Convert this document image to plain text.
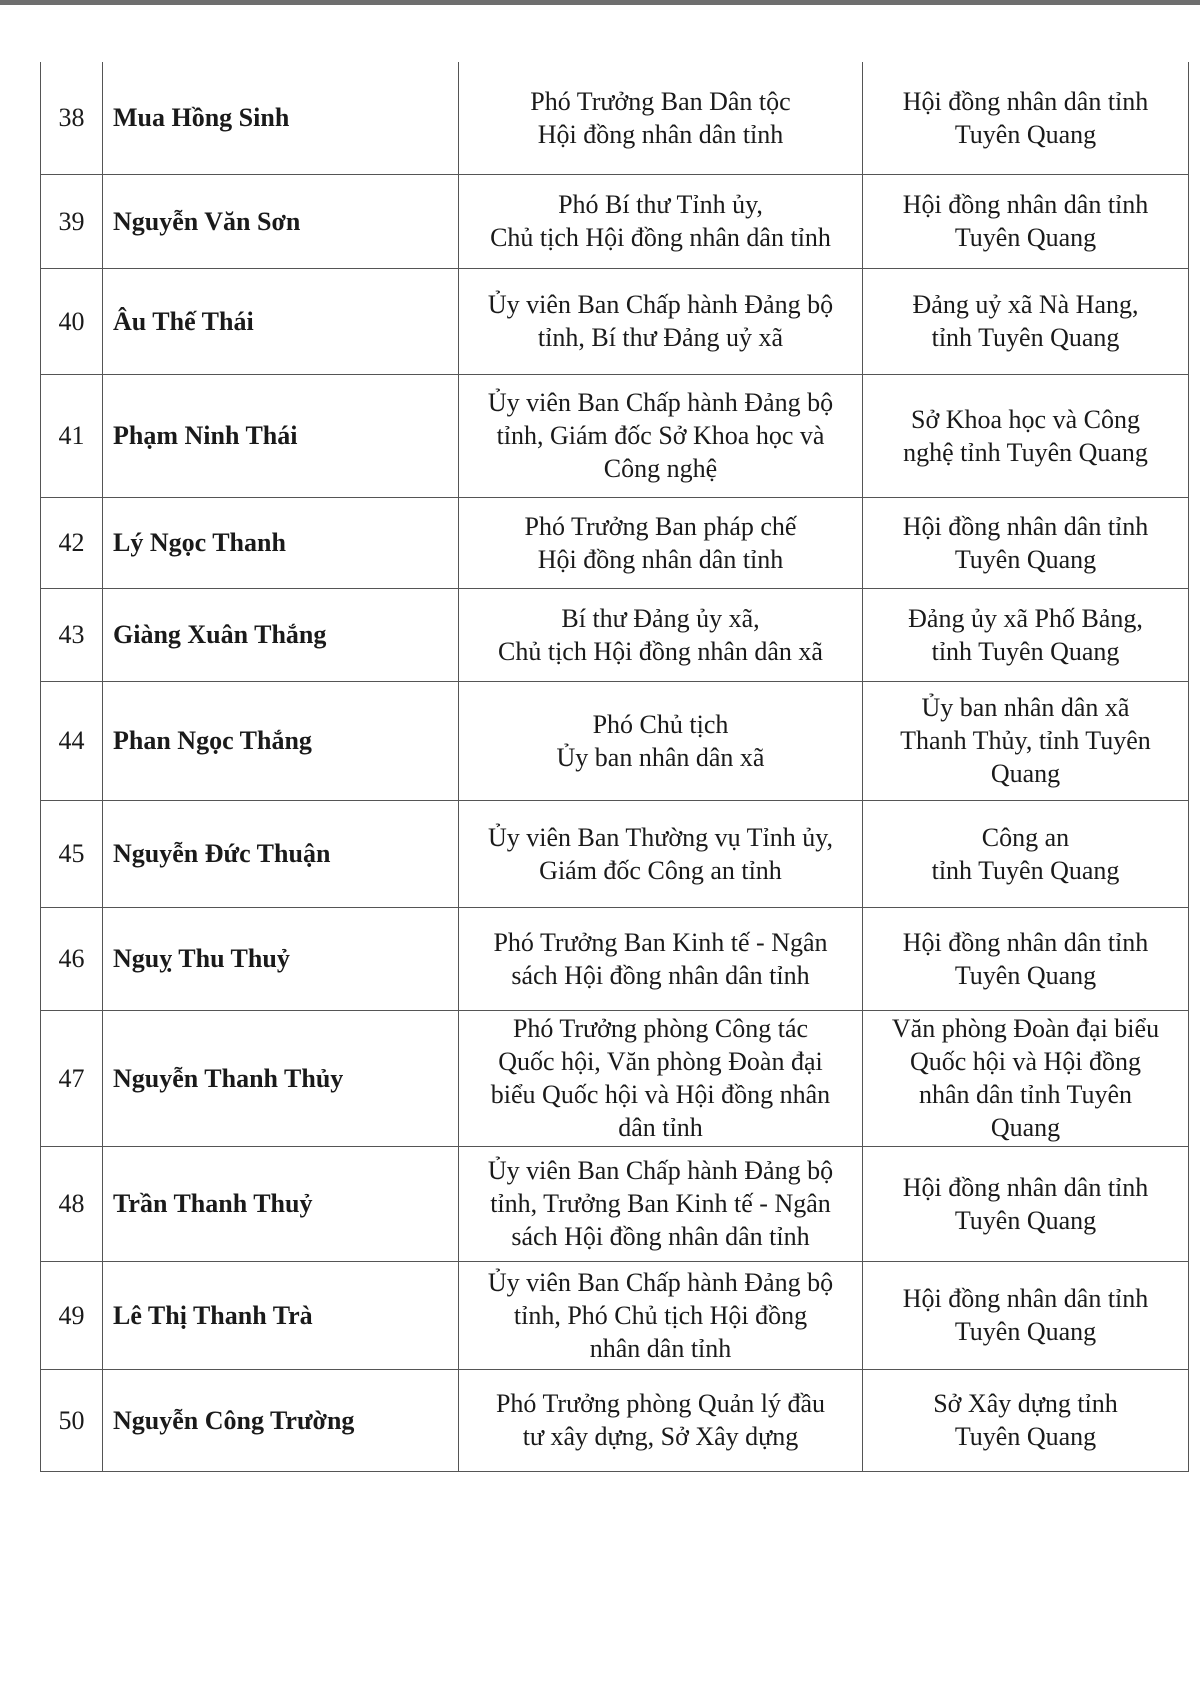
38	Mua Hồng Sinh	Phó Trưởng Ban Dân tộc
Hội đồng nhân dân tỉnh	Hội đồng nhân dân tỉnh
Tuyên Quang

39	Nguyễn Văn Sơn	Phó Bí thư Tỉnh ủy,
Chủ tịch Hội đồng nhân dân tỉnh	Hội đồng nhân dân tỉnh
Tuyên Quang

40	Âu Thế Thái	Ủy viên Ban Chấp hành Đảng bộ
tỉnh, Bí thư Đảng uỷ xã	Đảng uỷ xã Nà Hang,
tỉnh Tuyên Quang

41	Phạm Ninh Thái	Ủy viên Ban Chấp hành Đảng bộ
tỉnh, Giám đốc Sở Khoa học và
Công nghệ	Sở Khoa học và Công
nghệ tỉnh Tuyên Quang

42	Lý Ngọc Thanh	Phó Trưởng Ban pháp chế
Hội đồng nhân dân tỉnh	Hội đồng nhân dân tỉnh
Tuyên Quang

43	Giàng Xuân Thắng	Bí thư Đảng ủy xã,
Chủ tịch Hội đồng nhân dân xã	Đảng ủy xã Phố Bảng,
tỉnh Tuyên Quang

44	Phan Ngọc Thắng	Phó Chủ tịch
Ủy ban nhân dân xã	Ủy ban nhân dân xã
Thanh Thủy, tỉnh Tuyên
Quang

45	Nguyễn Đức Thuận	Ủy viên Ban Thường vụ Tỉnh ủy,
Giám đốc Công an tỉnh	Công an
tỉnh Tuyên Quang

46	Nguỵ Thu Thuỷ	Phó Trưởng Ban Kinh tế - Ngân
sách Hội đồng nhân dân tỉnh	Hội đồng nhân dân tỉnh
Tuyên Quang

47	Nguyễn Thanh Thủy	Phó Trưởng phòng Công tác
Quốc hội, Văn phòng Đoàn đại
biểu Quốc hội và Hội đồng nhân
dân tỉnh	Văn phòng Đoàn đại biểu
Quốc hội và Hội đồng
nhân dân tỉnh Tuyên
Quang

48	Trần Thanh Thuỷ	Ủy viên Ban Chấp hành Đảng bộ
tỉnh, Trưởng Ban Kinh tế - Ngân
sách Hội đồng nhân dân tỉnh	Hội đồng nhân dân tỉnh
Tuyên Quang

49	Lê Thị Thanh Trà	Ủy viên Ban Chấp hành Đảng bộ
tỉnh, Phó Chủ tịch Hội đồng
nhân dân tỉnh	Hội đồng nhân dân tỉnh
Tuyên Quang

50	Nguyễn Công Trường	Phó Trưởng phòng Quản lý đầu
tư xây dựng, Sở Xây dựng	Sở Xây dựng tỉnh
Tuyên Quang
